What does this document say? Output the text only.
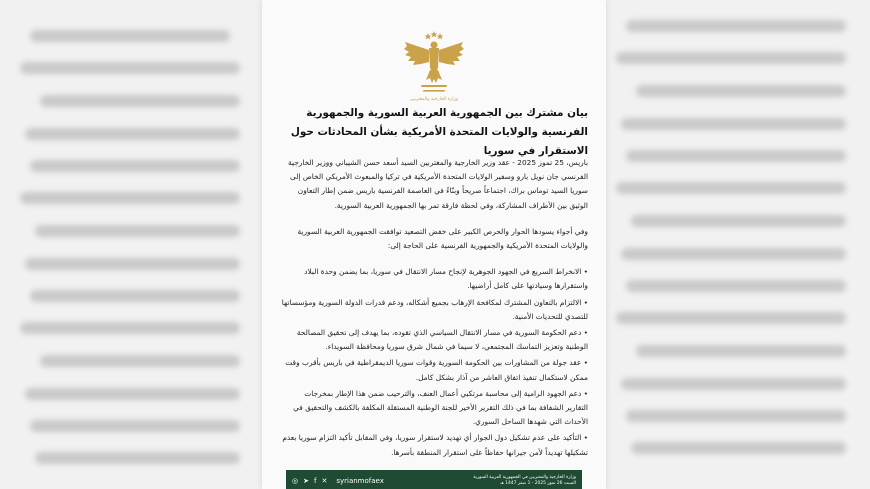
وزارة الخارجية والمغتربين
بيان مشترك بين الجمهورية العربية السورية والجمهورية الفرنسية والولايات المتحدة الأمريكية بشأن المحادثات حول الاستقرار في سوريا

باريس، 25 تموز 2025 - عقد وزير الخارجية والمغتربين السيد أسعد حسن الشيباني ووزير الخارجية الفرنسي جان نويل بارو وسفير الولايات المتحدة الأمريكية في تركيا والمبعوث الأمريكي الخاص إلى سوريا السيد توماس براك، اجتماعاً صريحاً وبنّاءً في العاصمة الفرنسية باريس ضمن إطار التعاون الوثيق بين الأطراف المشاركة، وفي لحظة فارقة تمر بها الجمهورية العربية السورية.

وفي أجواء يسودها الحوار والحرص الكبير على خفض التصعيد توافقت الجمهورية العربية السورية والولايات المتحدة الأمريكية والجمهورية الفرنسية على الحاجة إلى:

• الانخراط السريع في الجهود الجوهرية لإنجاح مسار الانتقال في سوريا، بما يضمن وحدة البلاد واستقرارها وسيادتها على كامل أراضيها.

• الالتزام بالتعاون المشترك لمكافحة الإرهاب بجميع أشكاله، ودعم قدرات الدولة السورية ومؤسساتها للتصدي للتحديات الأمنية.

• دعم الحكومة السورية في مسار الانتقال السياسي الذي تقوده، بما يهدف إلى تحقيق المصالحة الوطنية وتعزيز التماسك المجتمعي، لا سيما في شمال شرق سوريا ومحافظة السويداء.

• عقد جولة من المشاورات بين الحكومة السورية وقوات سوريا الديمقراطية في باريس بأقرب وقت ممكن لاستكمال تنفيذ اتفاق العاشر من آذار بشكل كامل.

• دعم الجهود الرامية إلى محاسبة مرتكبي أعمال العنف، والترحيب ضمن هذا الإطار بمخرجات التقارير الشفافة بما في ذلك التقرير الأخير للجنة الوطنية المستقلة المكلفة بالكشف والتحقيق في الأحداث التي شهدها الساحل السوري.

• التأكيد على عدم تشكيل دول الجوار أي تهديد لاستقرار سوريا، وفي المقابل تأكيد التزام سوريا بعدم تشكيلها تهديداً لأمن جيرانها حفاظاً على استقرار المنطقة بأسرها.

◎ ➤ f ✕ syrianmofaex	وزارة الخارجية والمغتربين في الجمهورية العربية السورية
السبت 26 تموز 2025 - 1 صفر 1447 هـ
